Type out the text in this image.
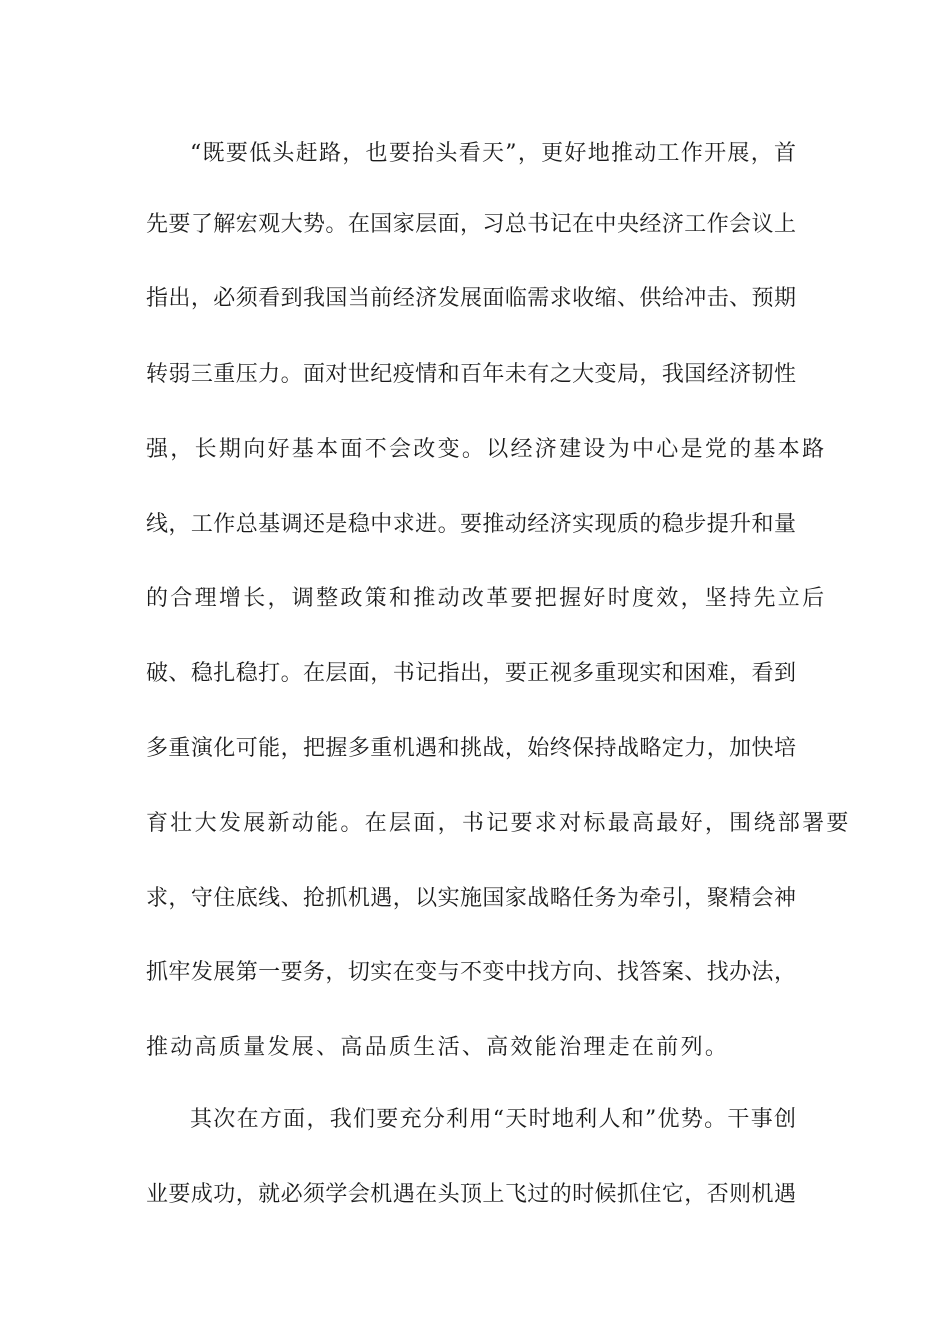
“既要低头赶路，也要抬头看天”，更好地推动工作开展，首
先要了解宏观大势。在国家层面，习总书记在中央经济工作会议上
指出，必须看到我国当前经济发展面临需求收缩、供给冲击、预期
转弱三重压力。面对世纪疫情和百年未有之大变局，我国经济韧性
强，长期向好基本面不会改变。以经济建设为中心是党的基本路
线，工作总基调还是稳中求进。要推动经济实现质的稳步提升和量
的合理增长，调整政策和推动改革要把握好时度效，坚持先立后
破、稳扎稳打。在层面，书记指出，要正视多重现实和困难，看到
多重演化可能，把握多重机遇和挑战，始终保持战略定力，加快培
育壮大发展新动能。在层面，书记要求对标最高最好，围绕部署要
求，守住底线、抢抓机遇，以实施国家战略任务为牵引，聚精会神
抓牢发展第一要务，切实在变与不变中找方向、找答案、找办法，
推动高质量发展、高品质生活、高效能治理走在前列。
其次在方面，我们要充分利用“天时地利人和”优势。干事创
业要成功，就必须学会机遇在头顶上飞过的时候抓住它，否则机遇
